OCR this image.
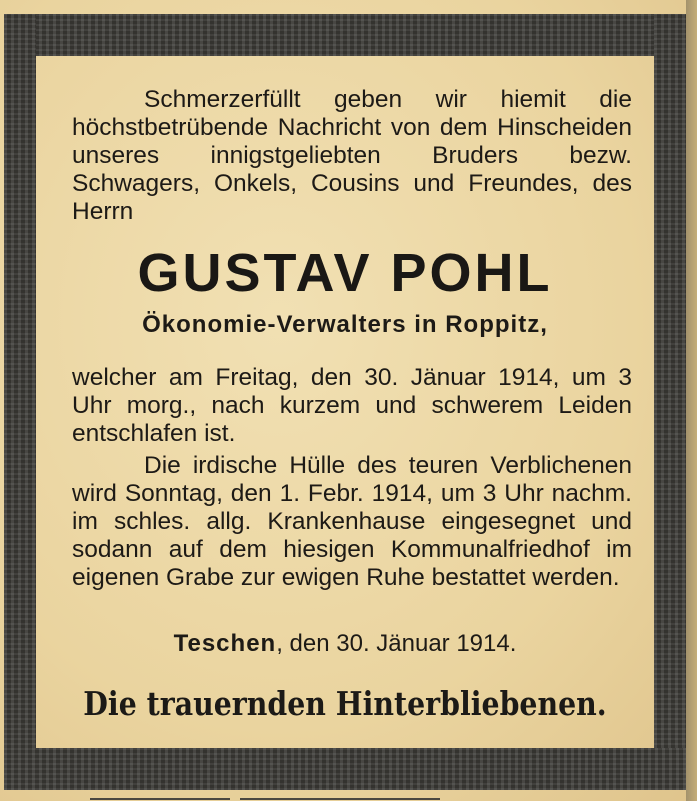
Schmerzerfüllt geben wir hiemit die höchstbetrübende Nachricht von dem Hinscheiden unseres innigstgeliebten Bruders bezw. Schwagers, Onkels, Cousins und Freundes, des Herrn

GUSTAV POHL
Ökonomie-Verwalters in Roppitz,

welcher am Freitag, den 30. Jänuar 1914, um 3 Uhr morg., nach kurzem und schwerem Leiden entschlafen ist.

Die irdische Hülle des teuren Verblichenen wird Sonntag, den 1. Febr. 1914, um 3 Uhr nachm. im schles. allg. Krankenhause eingesegnet und sodann auf dem hiesigen Kommunalfriedhof im eigenen Grabe zur ewigen Ruhe bestattet werden.

Teschen, den 30. Jänuar 1914.
Die trauernden Hinterbliebenen.
